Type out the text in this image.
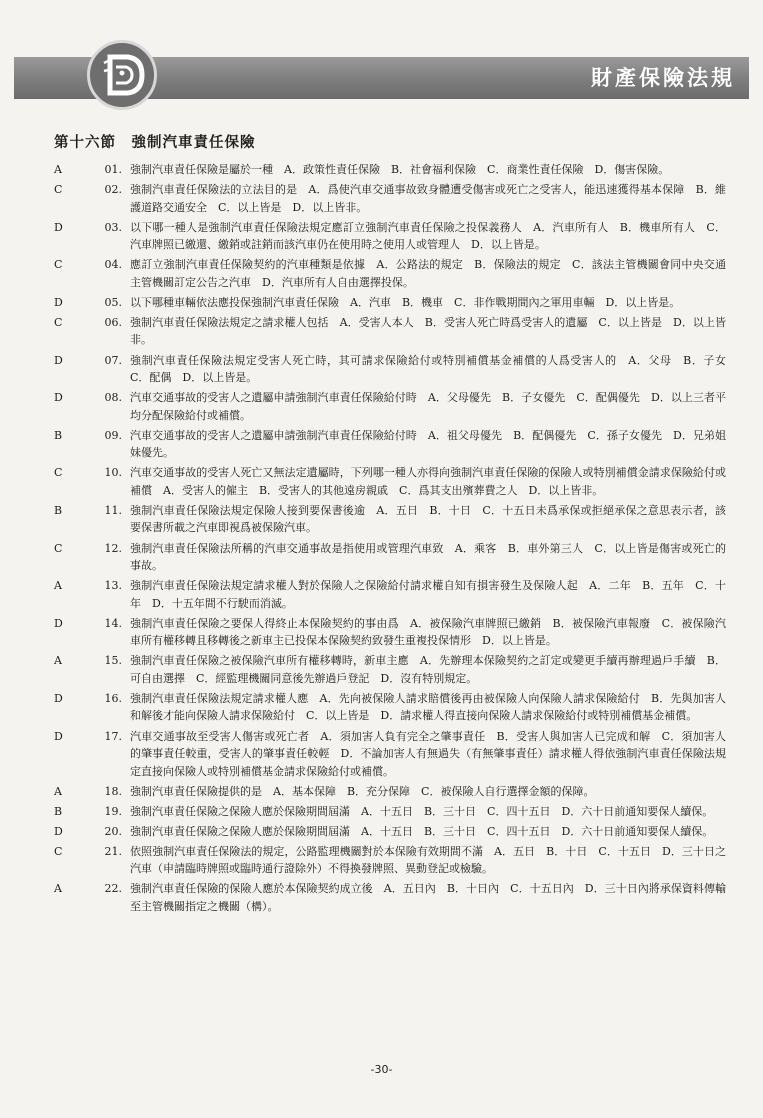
財產保險法規
第十六節　強制汽車責任保險
A	01. 強制汽車責任保險是屬於一種　A．政策性責任保險　B．社會福利保險　C．商業性責任保險　D．傷害保險。
C	02. 強制汽車責任保險法的立法目的是　A．爲使汽車交通事故致身體遭受傷害或死亡之受害人，能迅速獲得基本保障　B．維護道路交通安全　C．以上皆是　D．以上皆非。
D	03. 以下哪一種人是強制汽車責任保險法規定應訂立強制汽車責任保險之投保義務人　A．汽車所有人　B．機車所有人　C．汽車牌照已繳還、繳銷或註銷而該汽車仍在使用時之使用人或管理人　D．以上皆是。
C	04. 應訂立強制汽車責任保險契約的汽車種類是依據　A．公路法的規定　B．保險法的規定　C．該法主管機關會同中央交通主管機關訂定公告之汽車　D．汽車所有人自由選擇投保。
D	05. 以下哪種車輛依法應投保強制汽車責任保險　A．汽車　B．機車　C．非作戰期間內之軍用車輛　D．以上皆是。
C	06. 強制汽車責任保險法規定之請求權人包括　A．受害人本人　B．受害人死亡時爲受害人的遺屬　C．以上皆是　D．以上皆非。
D	07. 強制汽車責任保險法規定受害人死亡時，其可請求保險給付或特別補償基金補償的人爲受害人的　A．父母　B．子女　C．配偶　D．以上皆是。
D	08. 汽車交通事故的受害人之遺屬申請強制汽車責任保險給付時　A．父母優先　B．子女優先　C．配偶優先　D．以上三者平均分配保險給付或補償。
B	09. 汽車交通事故的受害人之遺屬申請強制汽車責任保險給付時　A．祖父母優先　B．配偶優先　C．孫子女優先　D．兄弟姐妹優先。
C	10. 汽車交通事故的受害人死亡又無法定遺屬時，下列哪一種人亦得向強制汽車責任保險的保險人或特別補償金請求保險給付或補償　A．受害人的僱主　B．受害人的其他遠房親戚　C．爲其支出殯葬費之人　D．以上皆非。
B	11. 強制汽車責任保險法規定保險人接到要保書後逾　A．五日　B．十日　C．十五日未爲承保或拒絕承保之意思表示者，該要保書所載之汽車即視爲被保險汽車。
C	12. 強制汽車責任保險法所稱的汽車交通事故是指使用或管理汽車致　A．乘客　B．車外第三人　C．以上皆是傷害或死亡的事故。
A	13. 強制汽車責任保險法規定請求權人對於保險人之保險給付請求權自知有損害發生及保險人起　A．二年　B．五年　C．十年　D．十五年間不行駛而消滅。
D	14. 強制汽車責任保險之要保人得終止本保險契約的事由爲　A．被保險汽車牌照已繳銷　B．被保險汽車報廢　C．被保險汽車所有權移轉且移轉後之新車主已投保本保險契約致發生重複投保情形　D．以上皆是。
A	15. 強制汽車責任保險之被保險汽車所有權移轉時，新車主應　A．先辦理本保險契約之訂定或變更手續再辦理過戶手續　B．可自由選擇　C．經監理機關同意後先辦過戶登記　D．沒有特別規定。
D	16. 強制汽車責任保險法規定請求權人應　A．先向被保險人請求賠償後再由被保險人向保險人請求保險給付　B．先與加害人和解後才能向保險人請求保險給付　C．以上皆是　D．請求權人得直接向保險人請求保險給付或特別補償基金補償。
D	17. 汽車交通事故至受害人傷害或死亡者　A．須加害人負有完全之肇事責任　B．受害人與加害人已完成和解　C．須加害人的肇事責任較重，受害人的肇事責任較輕　D．不論加害人有無過失（有無肇事責任）請求權人得依強制汽車責任保險法規定直接向保險人或特別補償基金請求保險給付或補償。
A	18. 強制汽車責任保險提供的是　A．基本保障　B．充分保障　C．被保險人自行選擇金額的保障。
B	19. 強制汽車責任保險之保險人應於保險期間屆滿　A．十五日　B．三十日　C．四十五日　D．六十日前通知要保人續保。
D	20. 強制汽車責任保險之保險人應於保險期間屆滿　A．十五日　B．三十日　C．四十五日　D．六十日前通知要保人續保。
C	21. 依照強制汽車責任保險法的規定，公路監理機關對於本保險有效期間不滿　A．五日　B．十日　C．十五日　D．三十日之汽車（申請臨時牌照或臨時通行證除外）不得換發牌照、異動登記或檢驗。
A	22. 強制汽車責任保險的保險人應於本保險契約成立後　A．五日內　B．十日內　C．十五日內　D．三十日內將承保資料傳輸至主管機關指定之機關（構）。
-30-
